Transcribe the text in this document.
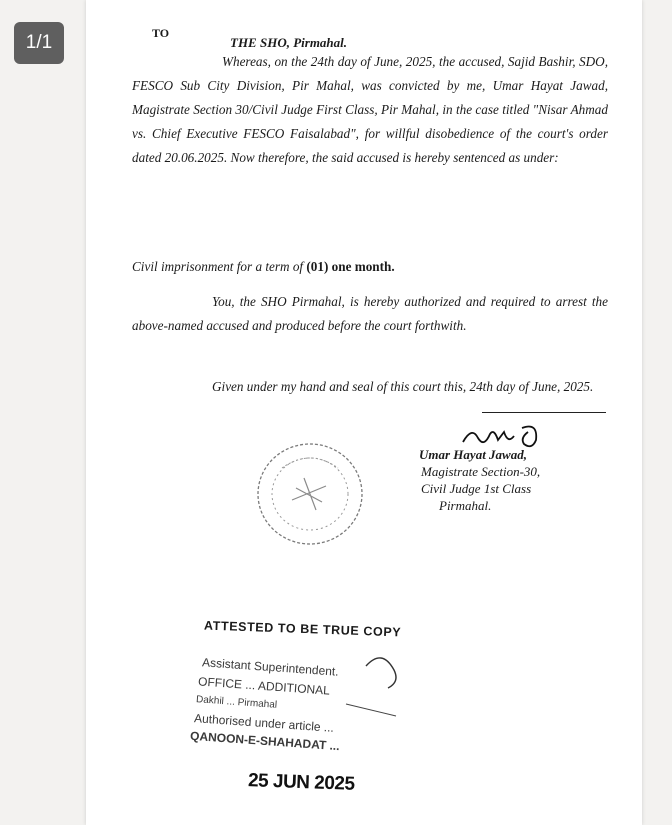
1/1	TO
THE SHO, Pirmahal.

Whereas, on the 24th day of June, 2025, the accused, Sajid Bashir, SDO, FESCO Sub City Division, Pir Mahal, was convicted by me, Umar Hayat Jawad, Magistrate Section 30/Civil Judge First Class, Pir Mahal, in the case titled "Nisar Ahmad vs. Chief Executive FESCO Faisalabad", for willful disobedience of the court's order dated 20.06.2025. Now therefore, the said accused is hereby sentenced as under:

Civil imprisonment for a term of (01) one month.

You, the SHO Pirmahal, is hereby authorized and required to arrest the above-named accused and produced before the court forthwith.

Given under my hand and seal of this court this, 24th day of June, 2025.

Umar Hayat Jawad,
Magistrate Section-30,
Civil Judge 1st Class
Pirmahal.
ATTESTED TO BE TRUE COPY
Assistant Superintendent.
OFFICE ... ADDITIONAL
Dakhil ... Pirmahal
Authorised under article ...
QANOON-E-SHAHADAT ...
25 JUN 2025
